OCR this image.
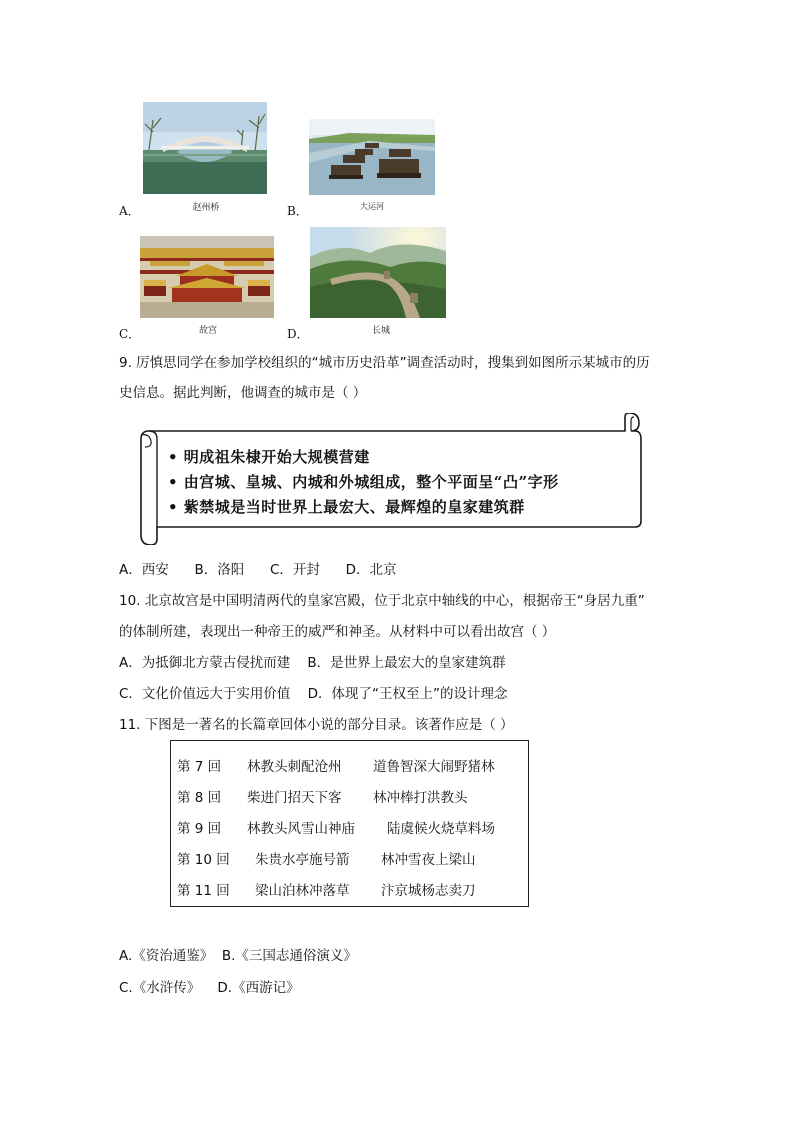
A．	赵州桥	B．	大运河
C．	故宫	D．	长城
9. 厉慎思同学在参加学校组织的“城市历史沿革”调查活动时，搜集到如图所示某城市的历
史信息。据此判断，他调查的城市是（ ）
• 明成祖朱棣开始大规模营建
• 由宫城、皇城、内城和外城组成，整个平面呈“凸”字形
• 紫禁城是当时世界上最宏大、最辉煌的皇家建筑群
A．西安      B．洛阳      C．开封      D．北京
10. 北京故宫是中国明清两代的皇家宫殿，位于北京中轴线的中心，根据帝王“身居九重”
的体制所建，表现出一种帝王的威严和神圣。从材料中可以看出故宫（ ）
A．为抵御北方蒙古侵扰而建    B．是世界上最宏大的皇家建筑群
C．文化价值远大于实用价值    D．体现了“王权至上”的设计理念
11. 下图是一著名的长篇章回体小说的部分目录。该著作应是（ ）
第 7 回 林教头刺配沧州 道鲁智深大闹野猪林
第 8 回 柴进门招天下客 林冲棒打洪教头
第 9 回 林教头风雪山神庙 陆虞候火烧草料场
第 10 回 朱贵水亭施号箭 林冲雪夜上梁山
第 11 回 梁山泊林冲落草 汴京城杨志卖刀
A.《资治通鉴》  B.《三国志通俗演义》
C.《水浒传》    D.《西游记》
